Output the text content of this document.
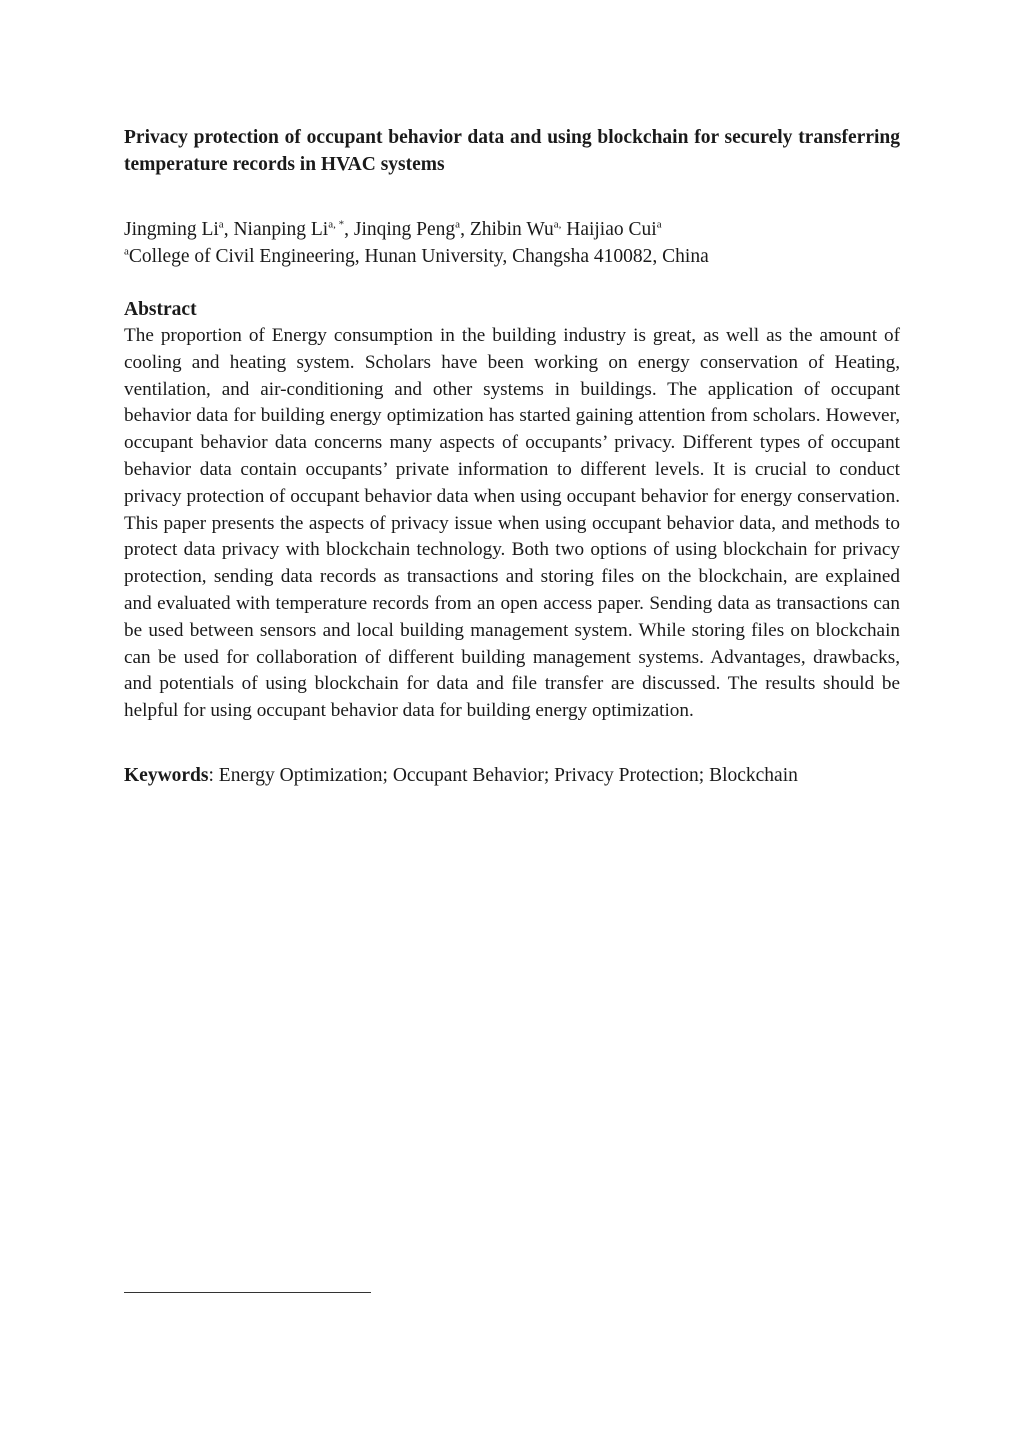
Privacy protection of occupant behavior data and using blockchain for securely transferring temperature records in HVAC systems

Jingming Li$^a$, Nianping $Li^{a, *}$, Jinqing Peng$^a$, Zhibin $Wu^{a,}$ Haijiao Cui$^a$

$^a$College of Civil Engineering, Hunan University, Changsha 410082, China

Abstract

The proportion of Energy consumption in the building industry is great, as well as the amount of cooling and heating system. Scholars have been working on energy conservation of Heating, ventilation, and air-conditioning and other systems in buildings. The application of occupant behavior data for building energy optimization has started gaining attention from scholars. However, occupant behavior data concerns many aspects of occupants’ privacy. Different types of occupant behavior data contain occupants’ private information to different levels. It is crucial to conduct privacy protection of occupant behavior data when using occupant behavior for energy conservation. This paper presents the aspects of privacy issue when using occupant behavior data, and methods to protect data privacy with blockchain technology. Both two options of using blockchain for privacy protection, sending data records as transactions and storing files on the blockchain, are explained and evaluated with temperature records from an open access paper. Sending data as transactions can be used between sensors and local building management system. While storing files on blockchain can be used for collaboration of different building management systems. Advantages, drawbacks, and potentials of using blockchain for data and file transfer are discussed. The results should be helpful for using occupant behavior data for building energy optimization.

Keywords: Energy Optimization; Occupant Behavior; Privacy Protection; Blockchain
